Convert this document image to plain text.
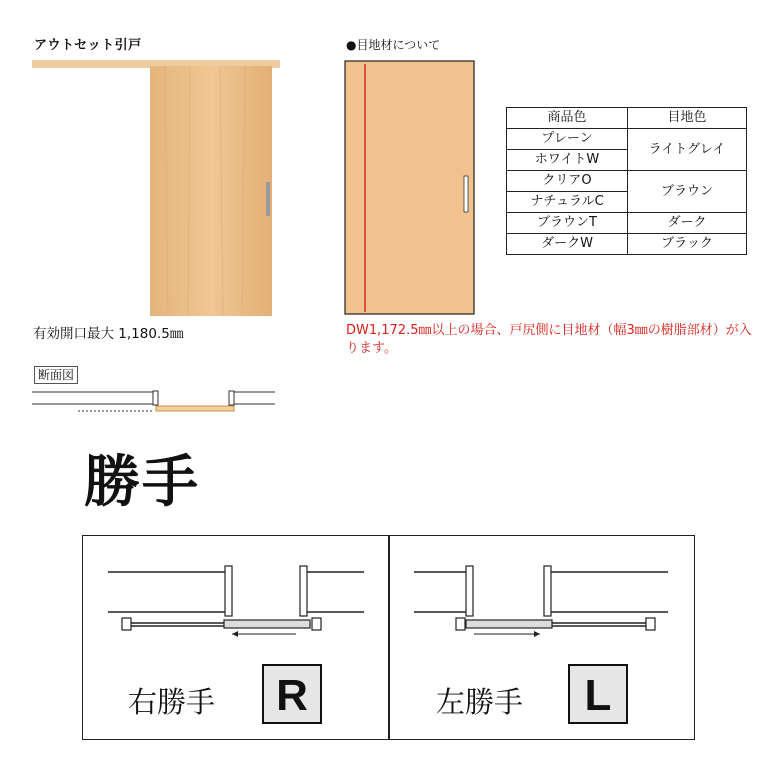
アウトセット引戸
有効開口最大 1,180.5㎜
断面図
●目地材について
商品色	目地色
プレーン	ライトグレイ
ホワイトW	
クリアO	ブラウン
ナチュラルC	
ブラウンT	ダーク
ダークW	ブラック
DW1,172.5㎜以上の場合、戸尻側に目地材（幅3㎜の樹脂部材）が入ります。
勝手
右勝手	R	左勝手	L
